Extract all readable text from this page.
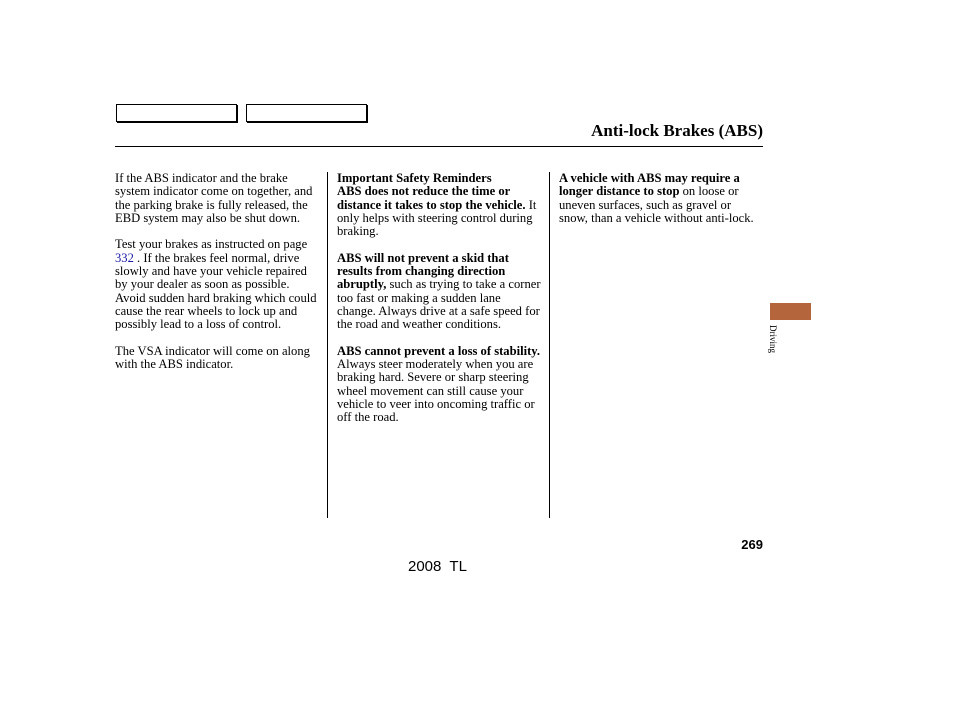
Anti-lock Brakes (ABS)

If the ABS indicator and the brake system indicator come on together, and the parking brake is fully released, the EBD system may also be shut down.

Test your brakes as instructed on page 332 . If the brakes feel normal, drive slowly and have your vehicle repaired by your dealer as soon as possible. Avoid sudden hard braking which could cause the rear wheels to lock up and possibly lead to a loss of control.

The VSA indicator will come on along with the ABS indicator.

Important Safety Reminders
ABS does not reduce the time or distance it takes to stop the vehicle. It only helps with steering control during braking.

ABS will not prevent a skid that results from changing direction abruptly, such as trying to take a corner too fast or making a sudden lane change. Always drive at a safe speed for the road and weather conditions.

ABS cannot prevent a loss of stability. Always steer moderately when you are braking hard. Severe or sharp steering wheel movement can still cause your vehicle to veer into oncoming traffic or off the road.

A vehicle with ABS may require a longer distance to stop on loose or uneven surfaces, such as gravel or snow, than a vehicle without anti-lock.

Driving
269
2008  TL
